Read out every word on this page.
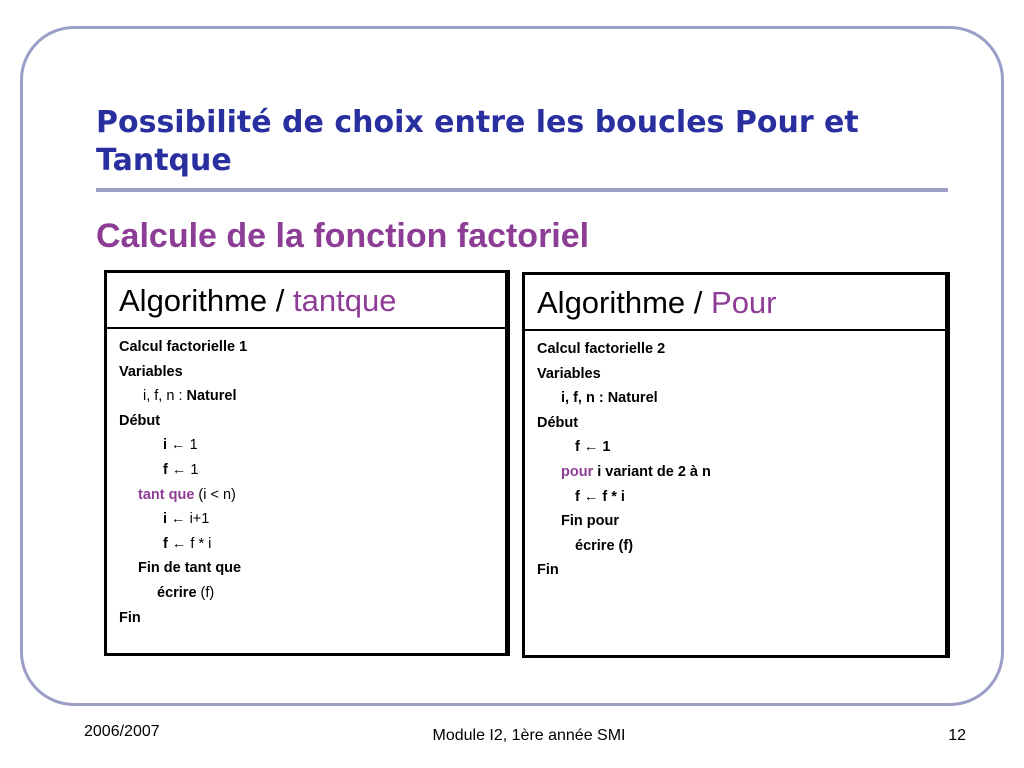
Possibilité de choix entre les boucles Pour et Tantque
Calcule de la fonction factoriel
Algorithme / tantque
Calcul factorielle 1
Variables
i, f, n : Naturel
Début
i ← 1
f ← 1
tant que (i < n)
i ← i+1
f ← f * i
Fin de tant que
écrire (f)
Fin
Algorithme / Pour
Calcul factorielle 2
Variables
i, f, n : Naturel
Début
f ← 1
pour i variant de 2 à n
f ← f * i
Fin pour
écrire (f)
Fin
2006/2007	Module I2, 1ère année SMI	12
